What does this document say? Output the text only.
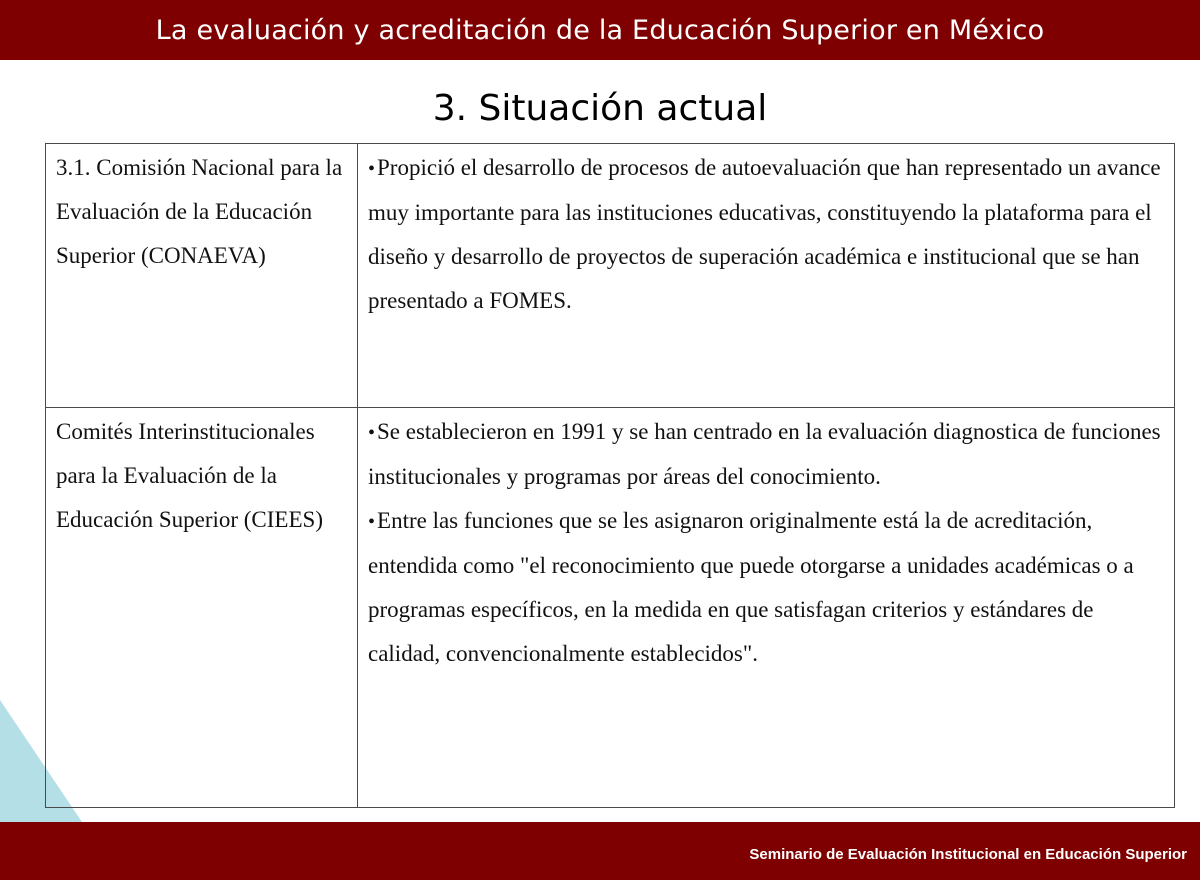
La evaluación y acreditación de la Educación Superior en México
3. Situación actual
3.1. Comisión Nacional para la Evaluación de la Educación Superior (CONAEVA)	•Propició el desarrollo de procesos de autoevaluación que han representado un avance muy importante para las instituciones educativas, constituyendo la plataforma para el diseño y desarrollo de proyectos de superación académica e institucional que se han presentado a FOMES.

Comités Interinstitucionales para la Evaluación de la Educación Superior (CIEES)	•Se establecieron en 1991 y se han centrado en la evaluación diagnostica de funciones institucionales y programas por áreas del conocimiento.

•Entre las funciones que se les asignaron originalmente está la de acreditación, entendida como "el reconocimiento que puede otorgarse a unidades académicas o a programas específicos, en la medida en que satisfagan criterios y estándares de calidad, convencionalmente establecidos".

Seminario de Evaluación Institucional en Educación Superior
